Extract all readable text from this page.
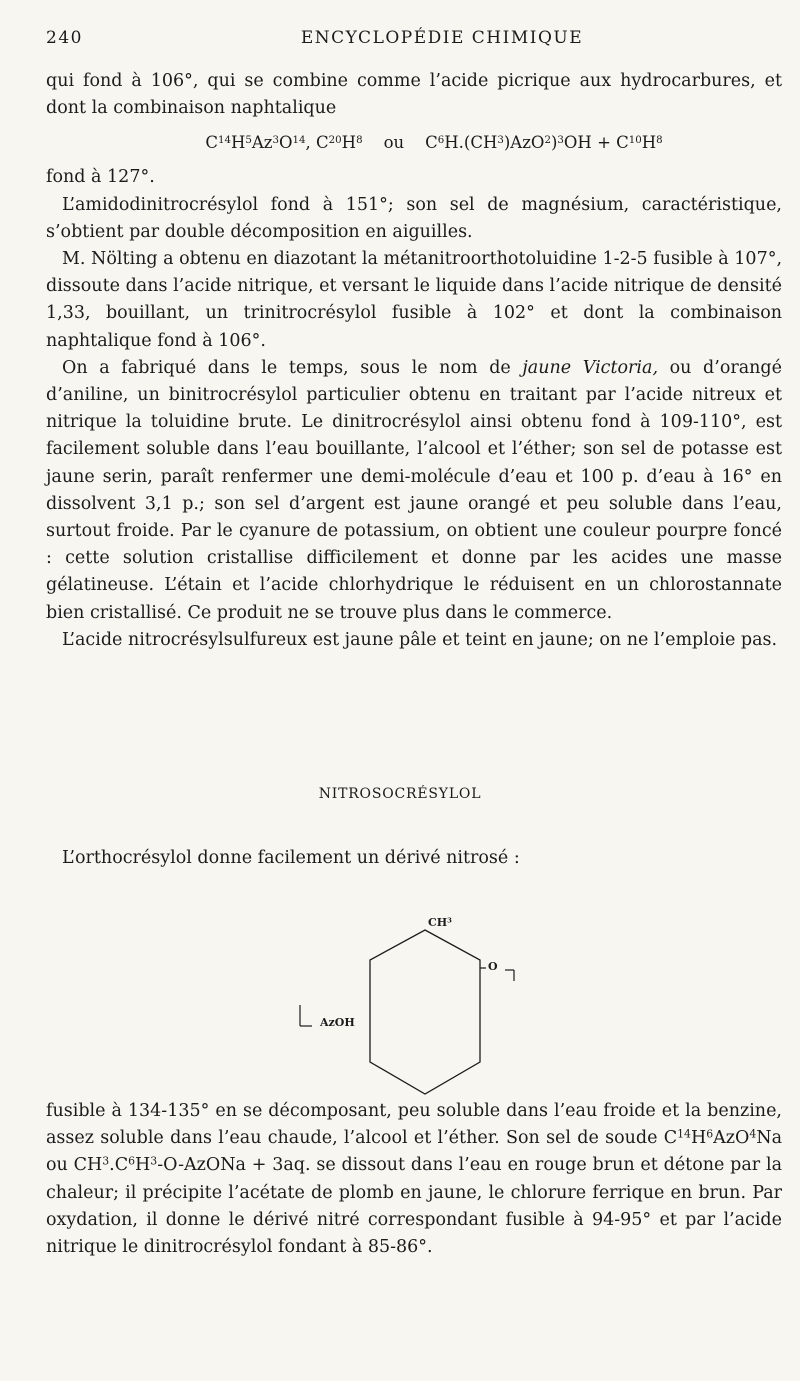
240	ENCYCLOPÉDIE CHIMIQUE

qui fond à 106°, qui se combine comme l’acide picrique aux hydrocarbures, et dont la combinaison naphtalique

$C^{14}H^5Az^3O^{14}$, $C^{20}H^8$ ou $C^6H.(CH^3)AzO^2)^3OH + C^{10}H^8$

fond à 127°.

L’amidodinitrocrésylol fond à 151°; son sel de magnésium, caractéristique, s’obtient par double décomposition en aiguilles.

M. Nölting a obtenu en diazotant la métanitroorthotoluidine 1-2-5 fusible à 107°, dissoute dans l’acide nitrique, et versant le liquide dans l’acide nitrique de densité 1,33, bouillant, un trinitrocrésylol fusible à 102° et dont la combinaison naphtalique fond à 106°.

On a fabriqué dans le temps, sous le nom de jaune Victoria, ou d’orangé d’aniline, un binitrocrésylol particulier obtenu en traitant par l’acide nitreux et nitrique la toluidine brute. Le dinitrocrésylol ainsi obtenu fond à 109-110°, est facilement soluble dans l’eau bouillante, l’alcool et l’éther; son sel de potasse est jaune serin, paraît renfermer une demi-molécule d’eau et 100 p. d’eau à 16° en dissolvent 3,1 p.; son sel d’argent est jaune orangé et peu soluble dans l’eau, surtout froide. Par le cyanure de potassium, on obtient une couleur pourpre foncé : cette solution cristallise difficilement et donne par les acides une masse gélatineuse. L’étain et l’acide chlorhydrique le réduisent en un chlorostannate bien cristallisé. Ce produit ne se trouve plus dans le commerce.

L’acide nitrocrésylsulfureux est jaune pâle et teint en jaune; on ne l’emploie pas.

NITROSOCRÉSYLOL
L’orthocrésylol donne facilement un dérivé nitrosé :
$CH^3$
O
AzOH

fusible à 134-135° en se décomposant, peu soluble dans l’eau froide et la benzine, assez soluble dans l’eau chaude, l’alcool et l’éther. Son sel de soude $C^{14}H^6AzO^4Na$ ou $CH^3.C^6H^3-O$-AzONa + 3aq. se dissout dans l’eau en rouge brun et détone par la chaleur; il précipite l’acétate de plomb en jaune, le chlorure ferrique en brun. Par oxydation, il donne le dérivé nitré correspondant fusible à 94-95° et par l’acide nitrique le dinitrocrésylol fondant à 85-86°.
